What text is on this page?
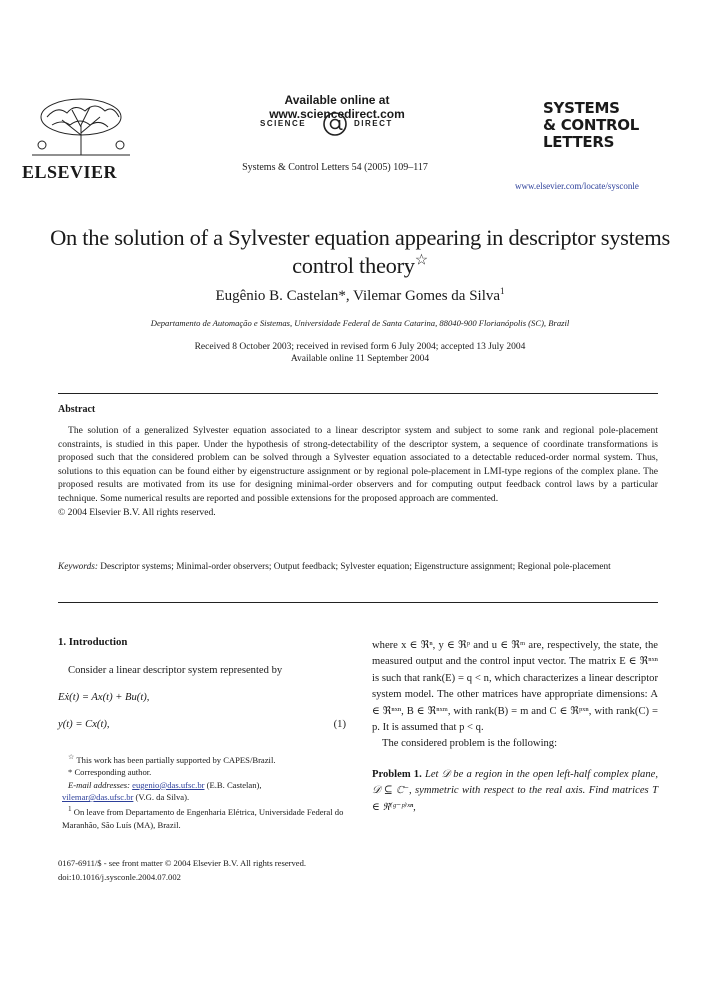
ELSEVIER
Available online at www.sciencedirect.com
SCIENCE	DIRECT
Systems & Control Letters 54 (2005) 109–117
SYSTEMS
& CONTROL
LETTERS
www.elsevier.com/locate/sysconle
On the solution of a Sylvester equation appearing in descriptor systems control theory☆
Eugênio B. Castelan*, Vilemar Gomes da Silva$^1$
Departamento de Automação e Sistemas, Universidade Federal de Santa Catarina, 88040-900 Florianópolis (SC), Brazil
Received 8 October 2003; received in revised form 6 July 2004; accepted 13 July 2004
Available online 11 September 2004
Abstract
The solution of a generalized Sylvester equation associated to a linear descriptor system and subject to some rank and regional pole-placement constraints, is studied in this paper. Under the hypothesis of strong-detectability of the descriptor system, a sequence of coordinate transformations is proposed such that the considered problem can be solved through a Sylvester equation associated to a detectable reduced-order normal system. Thus, solutions to this equation can be found either by eigenstructure assignment or by regional pole-placement in LMI-type regions of the complex plane. The proposed results are motivated from its use for designing minimal-order observers and for computing output feedback control laws by a particular technique. Some numerical results are reported and possible extensions for the proposed approach are commented.
© 2004 Elsevier B.V. All rights reserved.
Keywords: Descriptor systems; Minimal-order observers; Output feedback; Sylvester equation; Eigenstructure assignment; Regional pole-placement
1. Introduction
Consider a linear descriptor system represented by
Eẋ(t) = Ax(t) + Bu(t),
y(t) = Cx(t),	(1)
☆ This work has been partially supported by CAPES/Brazil.
* Corresponding author.
E-mail addresses: eugenio@das.ufsc.br (E.B. Castelan),
vilemar@das.ufsc.br (V.G. da Silva).
$^1$ On leave from Departamento de Engenharia Elétrica, Universidade Federal do Maranhão, São Luís (MA), Brazil.
0167-6911/$ - see front matter © 2004 Elsevier B.V. All rights reserved.
doi:10.1016/j.sysconle.2004.07.002
where x ∈ ℜⁿ, y ∈ ℜᵖ and u ∈ ℜᵐ are, respectively, the state, the measured output and the control input vector. The matrix E ∈ ℜⁿˣⁿ is such that rank(E) = q < n, which characterizes a linear descriptor system model. The other matrices have appropriate dimensions: A ∈ ℜⁿˣⁿ, B ∈ ℜⁿˣᵐ, with rank(B) = m and C ∈ ℜᵖˣⁿ, with rank(C) = p. It is assumed that p < q.
The considered problem is the following:
Problem 1. Let 𝒟 be a region in the open left-half complex plane, 𝒟 ⊆ ℂ⁻, symmetric with respect to the real axis. Find matrices T ∈ ℜ⁽ᵍ⁻ᵖ⁾ˣⁿ,
